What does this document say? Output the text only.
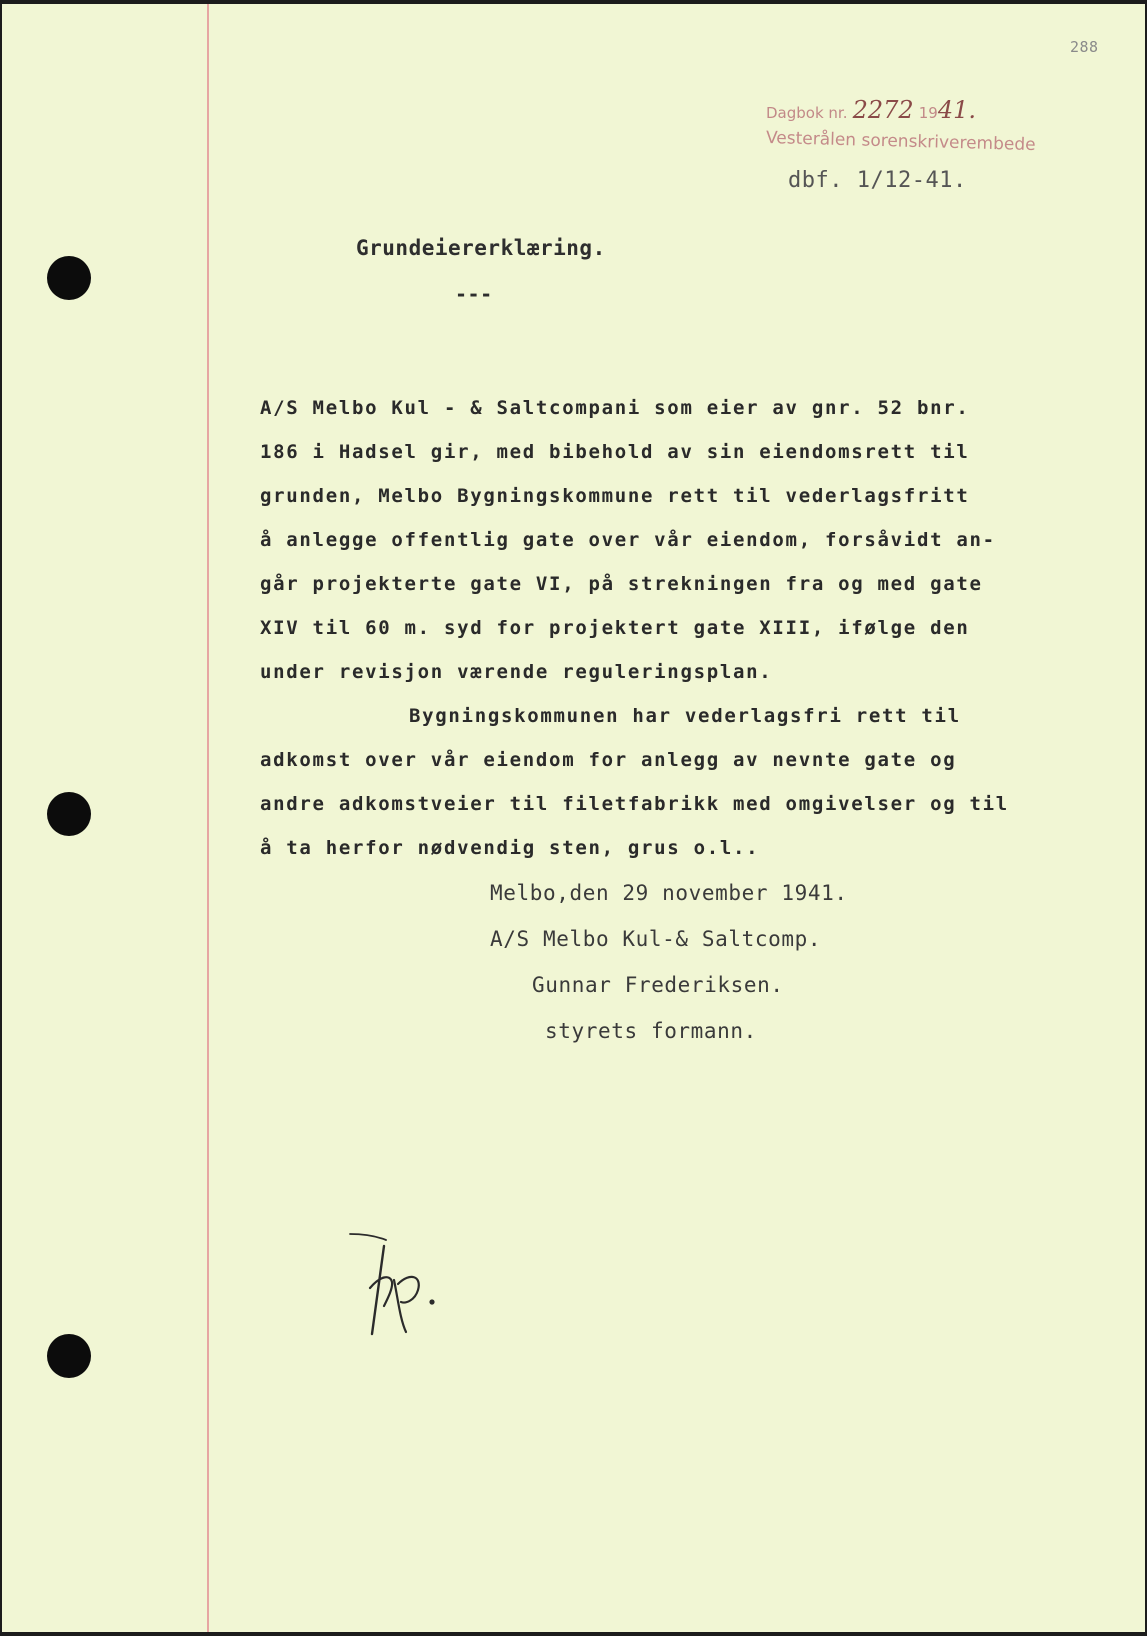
288
Dagbok nr. 2272 1941.
Vesterålen sorenskriverembede
dbf. 1/12-41.
Grundeiererklæring.
---
A/S Melbo Kul - & Saltcompani som eier av gnr. 52 bnr.
186 i Hadsel gir, med bibehold av sin eiendomsrett til
grunden, Melbo Bygningskommune rett til vederlagsfritt
å anlegge offentlig gate over vår eiendom, forsåvidt an-
går projekterte gate VI, på strekningen fra og med gate
XIV til 60 m. syd for projektert gate XIII, ifølge den
under revisjon værende reguleringsplan.
Bygningskommunen har vederlagsfri rett til
adkomst over vår eiendom for anlegg av nevnte gate og
andre adkomstveier til filetfabrikk med omgivelser og til
å ta herfor nødvendig sten, grus o.l..
Melbo,den 29 november 1941.
A/S Melbo Kul-& Saltcomp.
Gunnar Frederiksen.
styrets formann.
